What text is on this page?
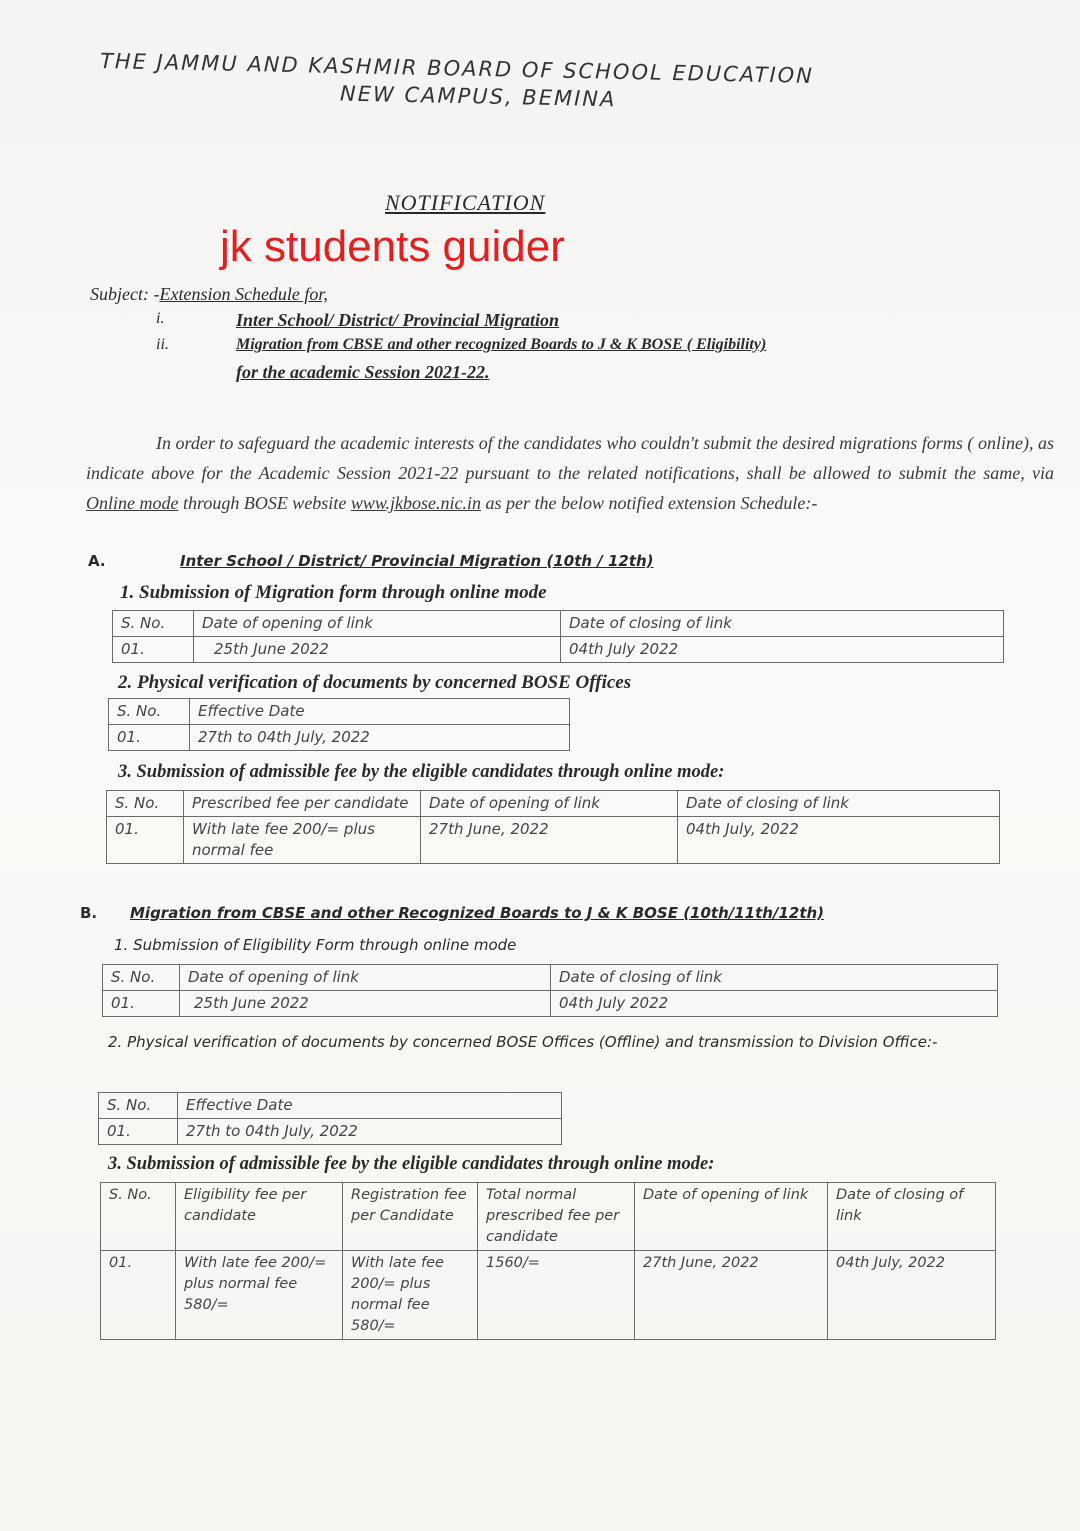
THE JAMMU AND KASHMIR BOARD OF SCHOOL EDUCATION
NEW CAMPUS, BEMINA
NOTIFICATION
jk students guider
Subject: -Extension Schedule for,
i.	Inter School/ District/ Provincial Migration
ii.	Migration from CBSE and other recognized Boards to J & K BOSE ( Eligibility)
for the academic Session 2021-22.
In order to safeguard the academic interests of the candidates who couldn't submit the desired migrations forms ( online), as indicate above for the Academic Session 2021-22 pursuant to the related notifications, shall be allowed to submit the same, via Online mode through BOSE website www.jkbose.nic.in as per the below notified extension Schedule:-
A.	Inter School / District/ Provincial Migration (10th / 12th)
1. Submission of Migration form through online mode
S. No.	Date of opening of link	Date of closing of link
01.	25th June 2022	04th July 2022
2. Physical verification of documents by concerned BOSE Offices
S. No.	Effective Date
01.	27th to 04th July, 2022
3. Submission of admissible fee by the eligible candidates through online mode:
S. No.	Prescribed fee per candidate	Date of opening of link	Date of closing of link
01.	With late fee 200/= plus normal fee	27th June, 2022	04th July, 2022
B. Migration from CBSE and other Recognized Boards to J & K BOSE (10th/11th/12th)
1. Submission of Eligibility Form through online mode
S. No.	Date of opening of link	Date of closing of link
01.	25th June 2022	04th July 2022
2. Physical verification of documents by concerned BOSE Offices (Offline) and transmission to Division Office:-
S. No.	Effective Date
01.	27th to 04th July, 2022
3. Submission of admissible fee by the eligible candidates through online mode:
S. No.	Eligibility fee per candidate	Registration fee per Candidate	Total normal prescribed fee per candidate	Date of opening of link	Date of closing of link
01.	With late fee 200/= plus normal fee 580/=	With late fee 200/= plus normal fee 580/=	1560/=	27th June, 2022	04th July, 2022
